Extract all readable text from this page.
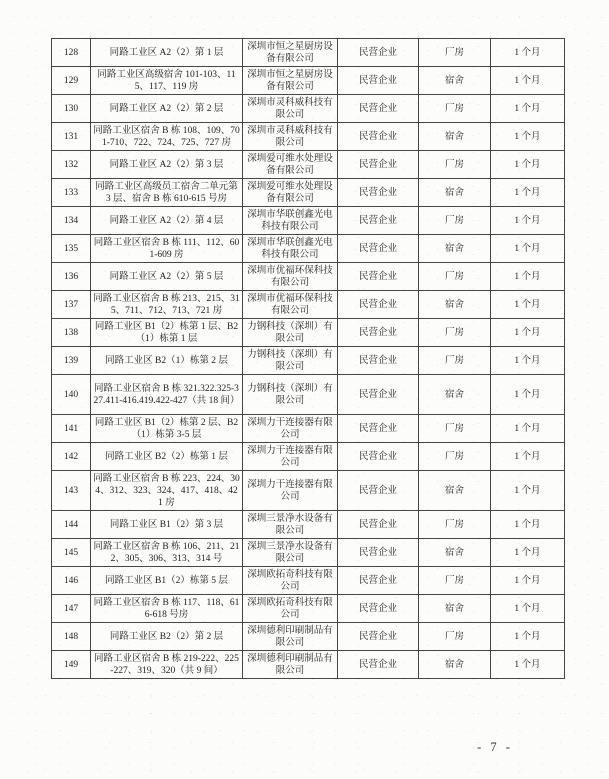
128	同路工业区 A2（2）第 1 层	深圳市恒之星厨房设备有限公司	民营企业	厂房	1 个月
129	同路工业区高级宿舍 101-103、115、117、119 房	深圳市恒之星厨房设备有限公司	民营企业	宿舍	1 个月
130	同路工业区 A2（2）第 2 层	深圳市灵科威科技有限公司	民营企业	厂房	1 个月
131	同路工业区宿舍 B 栋 108、109、701-710、722、724、725、727 房	深圳市灵科威科技有限公司	民营企业	宿舍	1 个月
132	同路工业区 A2（2）第 3 层	深圳爱可维水处理设备有限公司	民营企业	厂房	1 个月
133	同路工业区高级员工宿舍二单元第 3 层、宿舍 B 栋 610-615 号房	深圳爱可维水处理设备有限公司	民营企业	宿舍	1 个月
134	同路工业区 A2（2）第 4 层	深圳市华联创鑫光电科技有限公司	民营企业	厂房	1 个月
135	同路工业区宿舍 B 栋 111、112、601-609 房	深圳市华联创鑫光电科技有限公司	民营企业	宿舍	1 个月
136	同路工业区 A2（2）第 5 层	深圳市优福环保科技有限公司	民营企业	厂房	1 个月
137	同路工业区宿舍 B 栋 213、215、315、711、712、713、721 房	深圳市优福环保科技有限公司	民营企业	宿舍	1 个月
138	同路工业区 B1（2）栋第 1 层、B2（1）栋第 1 层	力钢科技（深圳）有限公司	民营企业	厂房	1 个月
139	同路工业区 B2（1）栋第 2 层	力钢科技（深圳）有限公司	民营企业	厂房	1 个月
140	同路工业区宿舍 B 栋 321.322.325-327.411-416.419.422-427（共 18 间）	力钢科技（深圳）有限公司	民营企业	宿舍	1 个月
141	同路工业区 B1（2）栋第 2 层、B2（1）栋第 3-5 层	深圳力干连接器有限公司	民营企业	厂房	1 个月
142	同路工业区 B2（2）栋第 1 层	深圳力干连接器有限公司	民营企业	厂房	1 个月
143	同路工业区宿舍 B 栋 223、224、304、312、323、324、417、418、421 房	深圳力干连接器有限公司	民营企业	宿舍	1 个月
144	同路工业区 B1（2）第 3 层	深圳三景净水设备有限公司	民营企业	厂房	1 个月
145	同路工业区宿舍 B 栋 106、211、212、305、306、313、314 号	深圳三景净水设备有限公司	民营企业	宿舍	1 个月
146	同路工业区 B1（2）栋第 5 层	深圳欧拓奇科技有限公司	民营企业	厂房	1 个月
147	同路工业区宿舍 B 栋 117、118、616-618 号房	深圳欧拓奇科技有限公司	民营企业	宿舍	1 个月
148	同路工业区 B2（2）第 2 层	深圳德利印刷制品有限公司	民营企业	厂房	1 个月
149	同路工业区宿舍 B 栋 219-222、225-227、319、320（共 9 间）	深圳德利印刷制品有限公司	民营企业	宿舍	1 个月
- 7 -
